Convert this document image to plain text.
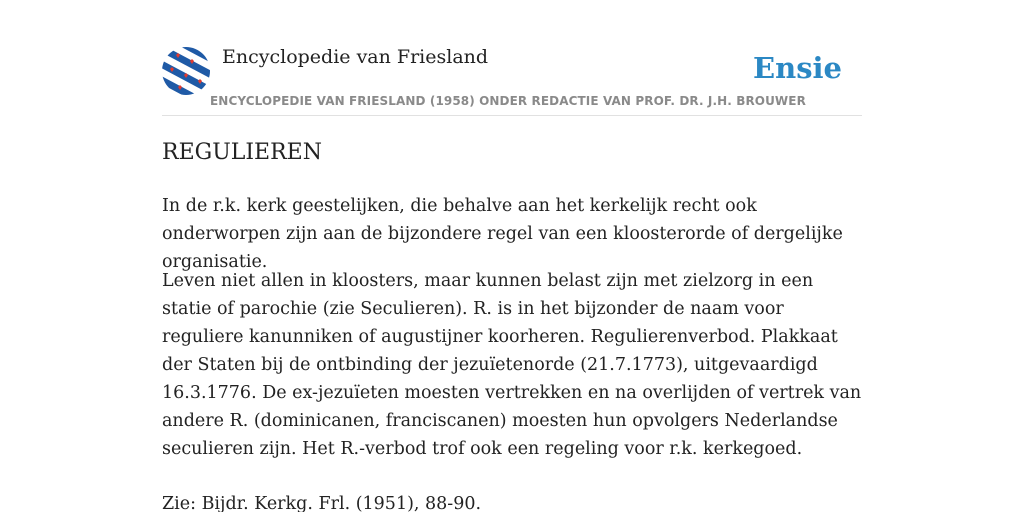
Encyclopedie van Friesland	Ensie
ENCYCLOPEDIE VAN FRIESLAND (1958) ONDER REDACTIE VAN PROF. DR. J.H. BROUWER
REGULIEREN

In de r.k. kerk geestelijken, die behalve aan het kerkelijk recht ook onderworpen zijn aan de bijzondere regel van een kloosterorde of dergelijke organisatie.

Leven niet allen in kloosters, maar kunnen belast zijn met zielzorg in een statie of parochie (zie Seculieren). R. is in het bijzonder de naam voor reguliere kanunniken of augustijner koorheren. Regulierenverbod. Plakkaat der Staten bij de ontbinding der jezuïetenorde (21.7.1773), uitgevaardigd 16.3.1776. De ex-jezuïeten moesten vertrekken en na overlijden of vertrek van andere R. (dominicanen, franciscanen) moesten hun opvolgers Nederlandse seculieren zijn. Het R.-verbod trof ook een regeling voor r.k. kerkegoed.

Zie: Bijdr. Kerkg. Frl. (1951), 88-90.
